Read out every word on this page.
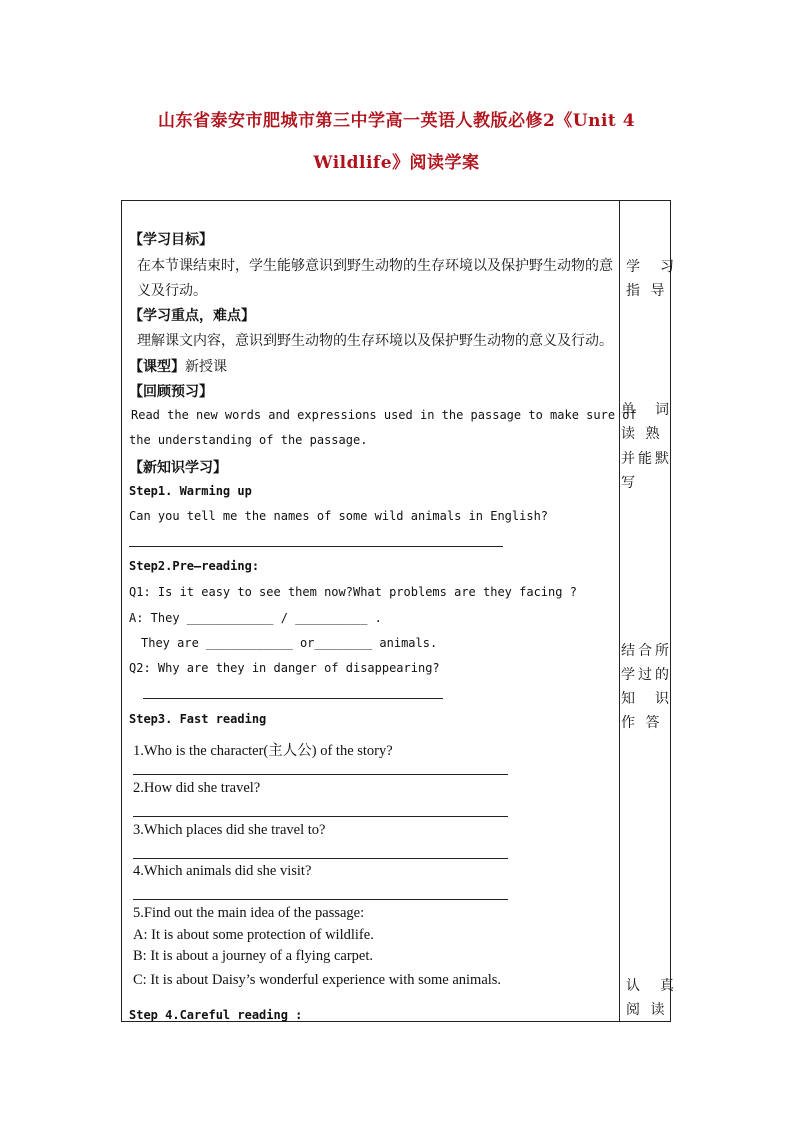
山东省泰安市肥城市第三中学高一英语人教版必修2《Unit 4
Wildlife》阅读学案
【学习目标】
在本节课结束时，学生能够意识到野生动物的生存环境以及保护野生动物的意
义及行动。
【学习重点，难点】
理解课文内容，意识到野生动物的生存环境以及保护野生动物的意义及行动。
【课型】新授课
【回顾预习】
Read the new words and expressions used in the passage to make sure of
the understanding of the passage.
【新知识学习】
Step1. Warming up
Can you tell me the names of some wild animals in English?
Step2.Pre—reading:
Q1: Is it easy to see them now?What problems are they facing ?
A: They ____________ / __________ .
They are ____________ or________ animals.
Q2: Why are they in danger of disappearing?
Step3. Fast reading
1.Who is the character(主人公) of the story?
2.How did she travel?
3.Which places did she travel to?
4.Which animals did she visit?
5.Find out the main idea of the passage:
A: It is about some protection of wildlife.
B: It is about a journey of a flying carpet.
C: It is about Daisy’s wonderful experience with some animals.
Step 4.Careful reading :
学　习
指 导
单　词
读 熟
并能默
写
结合所
学过的
知　识
作 答
认　真
阅 读
